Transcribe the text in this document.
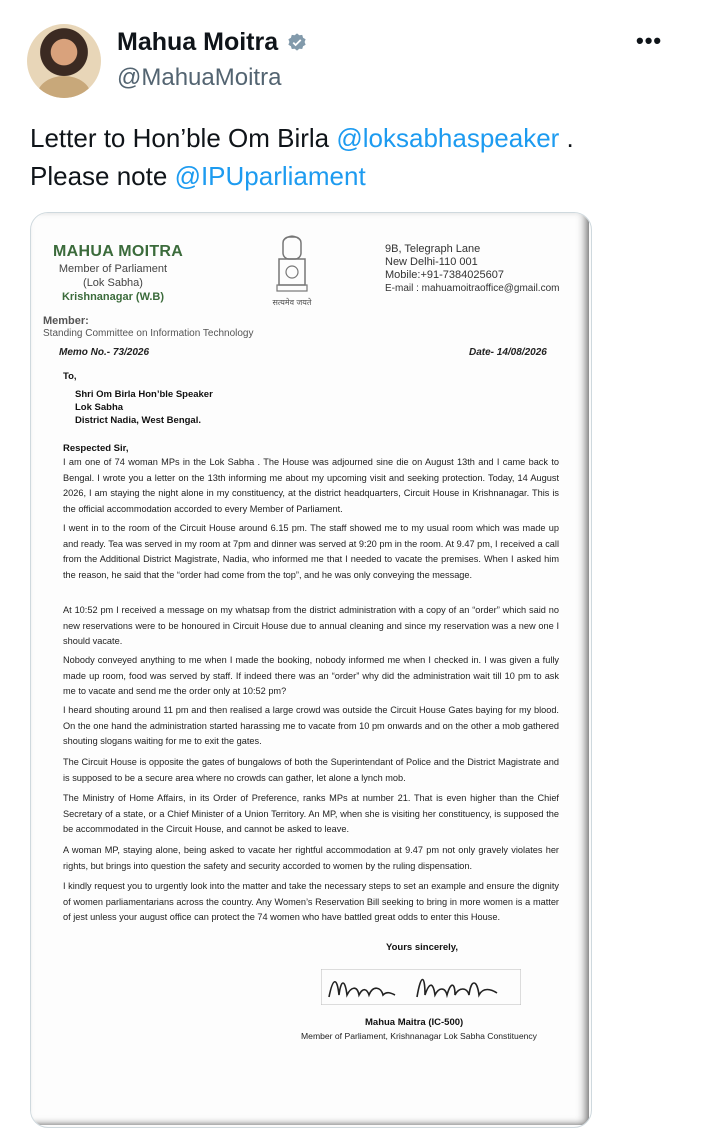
Mahua Moitra
@MahuaMoitra
•••
Letter to Hon’ble Om Birla @loksabhaspeaker .
Please note @IPUparliament
MAHUA MOITRA
Member of Parliament
(Lok Sabha)
Krishnanagar (W.B)	सत्यमेव जयते
9B, Telegraph Lane
New Delhi-110 001
Mobile:+91-7384025607
E-mail : mahuamoitraoffice@gmail.com
Member:
Standing Committee on Information Technology
Memo No.- 73/2026	Date- 14/08/2026
To,
Shri Om Birla Hon’ble Speaker
Lok Sabha
District Nadia, West Bengal.
Respected Sir,
I am one of 74 woman MPs in the Lok Sabha . The House was adjourned sine die on August 13th and I came back to Bengal. I wrote you a letter on the 13th informing me about my upcoming visit and seeking protection. Today, 14 August 2026, I am staying the night alone in my constituency, at the district headquarters, Circuit House in Krishnanagar. This is the official accommodation accorded to every Member of Parliament.
I went in to the room of the Circuit House around 6.15 pm. The staff showed me to my usual room which was made up and ready. Tea was served in my room at 7pm and dinner was served at 9:20 pm in the room. At 9.47 pm, I received a call from the Additional District Magistrate, Nadia, who informed me that I needed to vacate the premises. When I asked him the reason, he said that the “order had come from the top”, and he was only conveying the message.
At 10:52 pm I received a message on my whatsap from the district administration with a copy of an “order” which said no new reservations were to be honoured in Circuit House due to annual cleaning and since my reservation was a new one I should vacate.
Nobody conveyed anything to me when I made the booking, nobody informed me when I checked in. I was given a fully made up room, food was served by staff. If indeed there was an “order” why did the administration wait till 10 pm to ask me to vacate and send me the order only at 10:52 pm?
I heard shouting around 11 pm and then realised a large crowd was outside the Circuit House Gates baying for my blood. On the one hand the administration started harassing me to vacate from 10 pm onwards and on the other a mob gathered shouting slogans waiting for me to exit the gates.
The Circuit House is opposite the gates of bungalows of both the Superintendant of Police and the District Magistrate and is supposed to be a secure area where no crowds can gather, let alone a lynch mob.
The Ministry of Home Affairs, in its Order of Preference, ranks MPs at number 21. That is even higher than the Chief Secretary of a state, or a Chief Minister of a Union Territory. An MP, when she is visiting her constituency, is supposed the be accommodated in the Circuit House, and cannot be asked to leave.
A woman MP, staying alone, being asked to vacate her rightful accommodation at 9.47 pm not only gravely violates her rights, but brings into question the safety and security accorded to women by the ruling dispensation.
I kindly request you to urgently look into the matter and take the necessary steps to set an example and ensure the dignity of women parliamentarians across the country. Any Women’s Reservation Bill seeking to bring in more women is a matter of jest unless your august office can protect the 74 women who have battled great odds to enter this House.
Yours sincerely,
Mahua Maitra (IC-500)
Member of Parliament, Krishnanagar Lok Sabha Constituency
